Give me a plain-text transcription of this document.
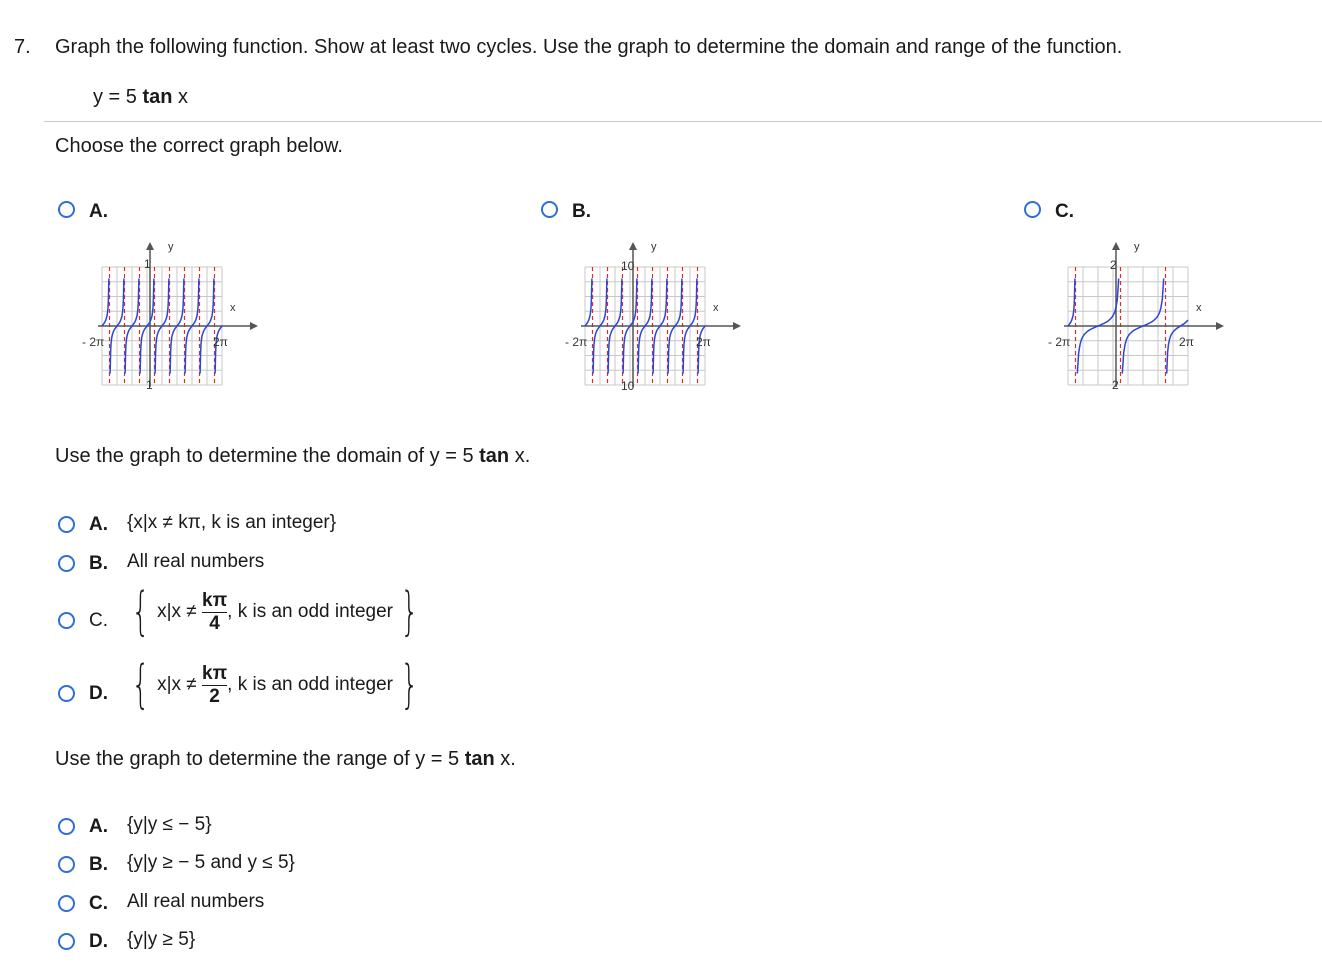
7. Graph the following function. Show at least two cycles. Use the graph to determine the domain and range of the function.
y = 5 tan x
Choose the correct graph below.
A.	B.	C.
y
x
1
1
- 2π	2π
y
x
10
10
- 2π	2π
y
x
2
2
- 2π	2π
Use the graph to determine the domain of y = 5 tan x.
A. {x|x ≠ kπ, k is an integer}
B. All real numbers
C. { $x|x \ne \frac{k\pi}{4}$ , k is an odd integer }
D. { $x|x \ne \frac{k\pi}{2}$ , k is an odd integer }
Use the graph to determine the range of y = 5 tan x.
A. {y|y ≤ − 5}
B. {y|y ≥ − 5 and y ≤ 5}
C. All real numbers
D. {y|y ≥ 5}
